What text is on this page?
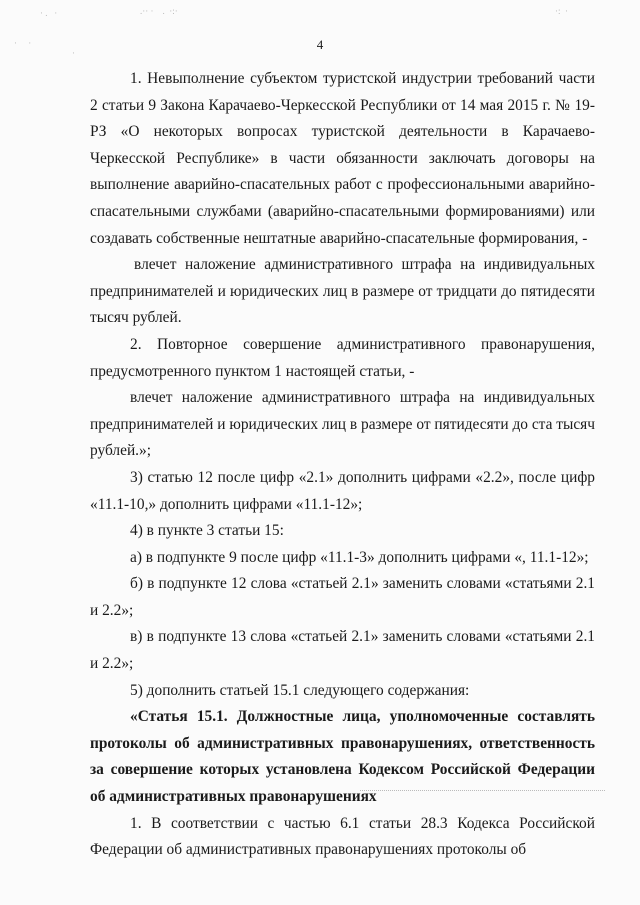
· .   ·
·     ·
·
.·· ·    .  ·:·	·:  ·
4

1. Невыполнение субъектом туристской индустрии требований части 2 статьи 9 Закона Карачаево-Черкесской Республики от 14 мая 2015 г. № 19-РЗ «О некоторых вопросах туристской деятельности в Карачаево-Черкесской Республике» в части обязанности заключать договоры на выполнение аварийно-спасательных работ с профессиональными аварийно-спасательными службами (аварийно-спасательными формированиями) или создавать собственные нештатные аварийно-спасательные формирования, -

влечет наложение административного штрафа на индивидуальных предпринимателей и юридических лиц в размере от тридцати до пятидесяти тысяч рублей.

2. Повторное совершение административного правонарушения, предусмотренного пунктом 1 настоящей статьи, -

влечет наложение административного штрафа на индивидуальных предпринимателей и юридических лиц в размере от пятидесяти до ста тысяч рублей.»;

3) статью 12 после цифр «2.1» дополнить цифрами «2.2», после цифр «11.1-10,» дополнить цифрами «11.1-12»;

4) в пункте 3 статьи 15:

а) в подпункте 9 после цифр «11.1-3» дополнить цифрами «, 11.1-12»;

б) в подпункте 12 слова «статьей 2.1» заменить словами «статьями 2.1 и 2.2»;

в) в подпункте 13 слова «статьей 2.1» заменить словами «статьями 2.1 и 2.2»;

5) дополнить статьей 15.1 следующего содержания:

«Статья 15.1. Должностные лица, уполномоченные составлять протоколы об административных правонарушениях, ответственность за совершение которых установлена Кодексом Российской Федерации об административных правонарушениях

1. В соответствии с частью 6.1 статьи 28.3 Кодекса Российской Федерации об административных правонарушениях протоколы об
